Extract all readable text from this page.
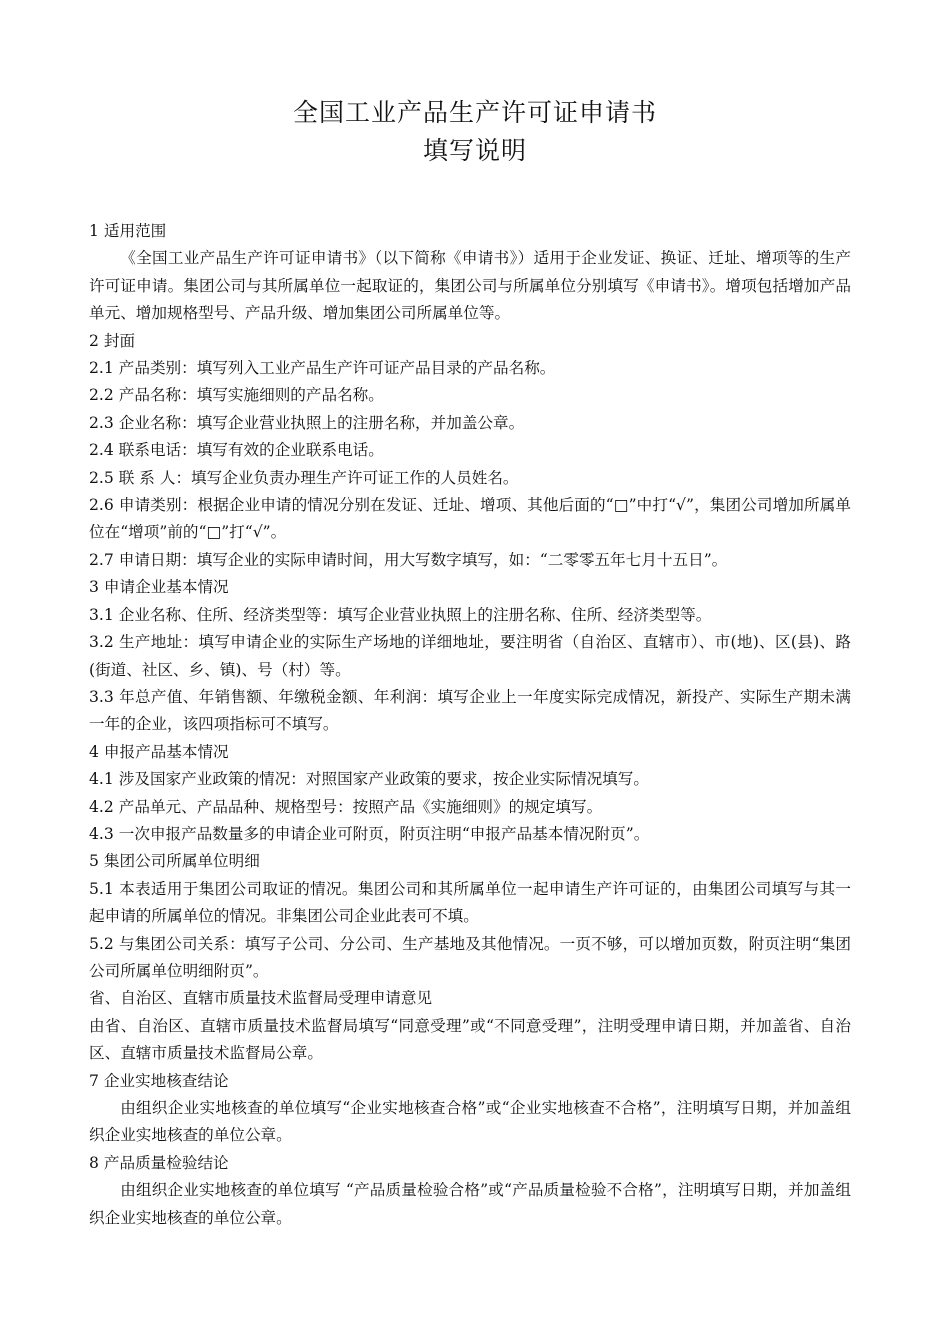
全国工业产品生产许可证申请书
填写说明

1 适用范围

《全国工业产品生产许可证申请书》（以下简称《申请书》）适用于企业发证、换证、迁址、增项等的生产许可证申请。集团公司与其所属单位一起取证的，集团公司与所属单位分别填写《申请书》。增项包括增加产品单元、增加规格型号、产品升级、增加集团公司所属单位等。

2 封面

2.1 产品类别：填写列入工业产品生产许可证产品目录的产品名称。

2.2 产品名称：填写实施细则的产品名称。

2.3 企业名称：填写企业营业执照上的注册名称，并加盖公章。

2.4 联系电话：填写有效的企业联系电话。

2.5 联 系 人：填写企业负责办理生产许可证工作的人员姓名。

2.6 申请类别：根据企业申请的情况分别在发证、迁址、增项、其他后面的“□”中打“√”，集团公司增加所属单位在“增项”前的“□”打“√”。

2.7 申请日期：填写企业的实际申请时间，用大写数字填写，如：“二零零五年七月十五日”。

3 申请企业基本情况

3.1 企业名称、住所、经济类型等：填写企业营业执照上的注册名称、住所、经济类型等。

3.2 生产地址：填写申请企业的实际生产场地的详细地址，要注明省（自治区、直辖市）、市(地)、区(县)、路(街道、社区、乡、镇)、号（村）等。

3.3 年总产值、年销售额、年缴税金额、年利润：填写企业上一年度实际完成情况，新投产、实际生产期未满一年的企业，该四项指标可不填写。

4 申报产品基本情况

4.1 涉及国家产业政策的情况：对照国家产业政策的要求，按企业实际情况填写。

4.2 产品单元、产品品种、规格型号：按照产品《实施细则》的规定填写。

4.3 一次申报产品数量多的申请企业可附页，附页注明“申报产品基本情况附页”。

5 集团公司所属单位明细

5.1 本表适用于集团公司取证的情况。集团公司和其所属单位一起申请生产许可证的，由集团公司填写与其一起申请的所属单位的情况。非集团公司企业此表可不填。

5.2 与集团公司关系：填写子公司、分公司、生产基地及其他情况。一页不够，可以增加页数，附页注明“集团公司所属单位明细附页”。

省、自治区、直辖市质量技术监督局受理申请意见

由省、自治区、直辖市质量技术监督局填写“同意受理”或“不同意受理”，注明受理申请日期，并加盖省、自治区、直辖市质量技术监督局公章。

7 企业实地核查结论

由组织企业实地核查的单位填写“企业实地核查合格”或“企业实地核查不合格”，注明填写日期，并加盖组织企业实地核查的单位公章。

8 产品质量检验结论

由组织企业实地核查的单位填写 “产品质量检验合格”或“产品质量检验不合格”，注明填写日期，并加盖组织企业实地核查的单位公章。
